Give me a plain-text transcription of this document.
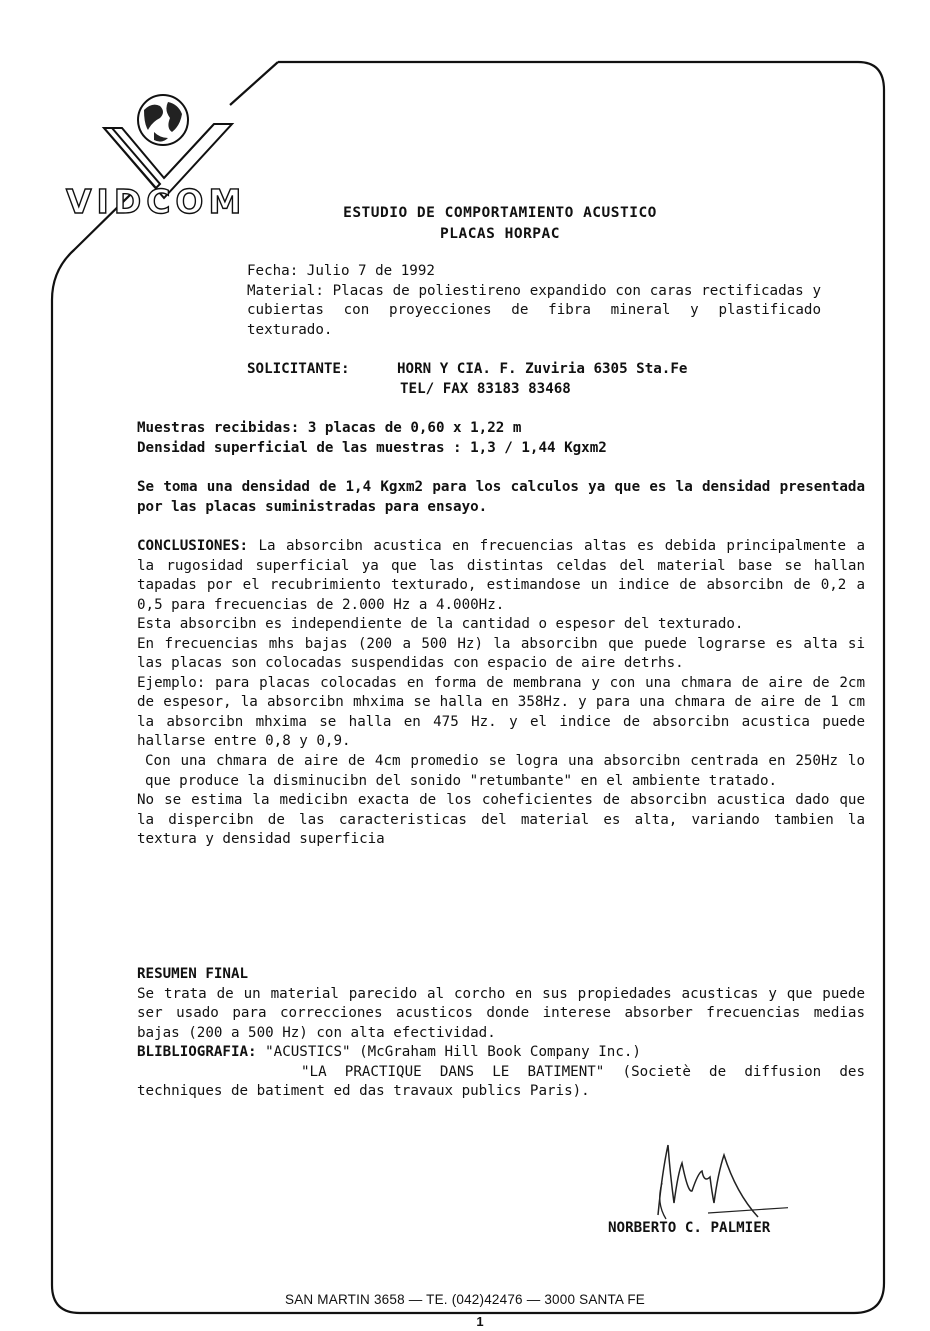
VIDCOM	ESTUDIO DE COMPORTAMIENTO ACUSTICO
PLACAS HORPAC

Fecha: Julio 7 de 1992

Material: Placas de poliestireno expandido con caras rectificadas y cubiertas con proyecciones de fibra mineral y plastificado texturado.

SOLICITANTE:	HORN Y CIA. F. Zuviria 6305 Sta.Fe
TEL/ FAX 83183 83468

Muestras recibidas: 3 placas de 0,60 x 1,22 m

Densidad superficial de las muestras : 1,3 / 1,44 Kgxm2

Se toma una densidad de 1,4 Kgxm2 para los calculos ya que es la densidad presentada por las placas suministradas para ensayo.

CONCLUSIONES: La absorcibn acustica en frecuencias altas es debida principalmente a la rugosidad superficial ya que las distintas celdas del material base se hallan tapadas por el recubrimiento texturado, estimandose un indice de absorcibn de 0,2 a 0,5 para frecuencias de 2.000 Hz a 4.000Hz.

Esta absorcibn es independiente de la cantidad o espesor del texturado.

En frecuencias mhs bajas (200 a 500 Hz) la absorcibn que puede lograrse es alta si las placas son colocadas suspendidas con espacio de aire detrhs.

Ejemplo: para placas colocadas en forma de membrana y con una chmara de aire de 2cm de espesor, la absorcibn mhxima se halla en 358Hz. y para una chmara de aire de 1 cm la absorcibn mhxima se halla en 475 Hz. y el indice de absorcibn acustica puede hallarse entre 0,8 y 0,9.

Con una chmara de aire de 4cm promedio se logra una absorcibn centrada en 250Hz lo que produce la disminucibn del sonido "retumbante" en el ambiente tratado.

No se estima la medicibn exacta de los coheficientes de absorcibn acustica dado que la dispercibn de las caracteristicas del material es alta, variando tambien la textura y densidad superficia

RESUMEN FINAL

Se trata de un material parecido al corcho en sus propiedades acusticas y que puede ser usado para correcciones acusticos donde interese absorber frecuencias medias bajas (200 a 500 Hz) con alta efectividad.

BLIBLIOGRAFIA: "ACUSTICS" (McGraham Hill Book Company Inc.)

"LA PRACTIQUE DANS LE BATIMENT" (Societè de diffusion des techniques de batiment ed das travaux publics Paris).

NORBERTO C. PALMIER
SAN MARTIN 3658 — TE. (042)42476 — 3000 SANTA FE
1
